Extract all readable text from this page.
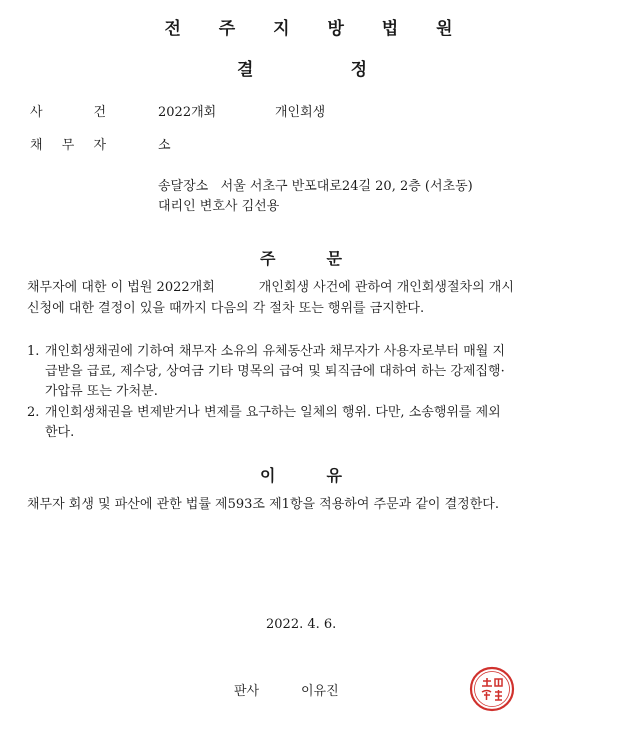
전 주 지 방 법 원
결	정
사	건	2022개회	개인회생
채 무 자	소
송달장소 서울 서초구 반포대로24길 20, 2층 (서초동)
대리인 변호사 김선용
주	문
채무자에 대한 이 법원 2022개회	개인회생 사건에 관하여 개인회생절차의 개시
신청에 대한 결정이 있을 때까지 다음의 각 절차 또는 행위를 금지한다.
1. 개인회생채권에 기하여 채무자 소유의 유체동산과 채무자가 사용자로부터 매월 지
급받을 급료, 제수당, 상여금 기타 명목의 급여 및 퇴직금에 대하여 하는 강제집행·
가압류 또는 가처분.
2. 개인회생채권을 변제받거나 변제를 요구하는 일체의 행위. 다만, 소송행위를 제외
한다.
이	유
채무자 회생 및 파산에 관한 법률 제593조 제1항을 적용하여 주문과 같이 결정한다.
2022. 4. 6.
판사	이유진
